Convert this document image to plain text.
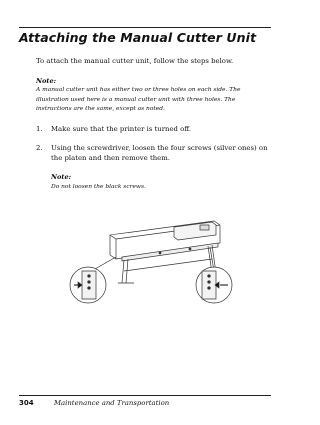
Attaching the Manual Cutter Unit

To attach the manual cutter unit, follow the steps below.

Note:

A manual cutter unit has either two or three holes on each side. The
illustration used here is a manual cutter unit with three holes. The
instructions are the same, except as noted.
1. Make sure that the printer is turned off.
2. Using the screwdriver, loosen the four screws (silver ones) on
the platen and then remove them.

Note:

Do not loosen the black screws.

304	Maintenance and Transportation
